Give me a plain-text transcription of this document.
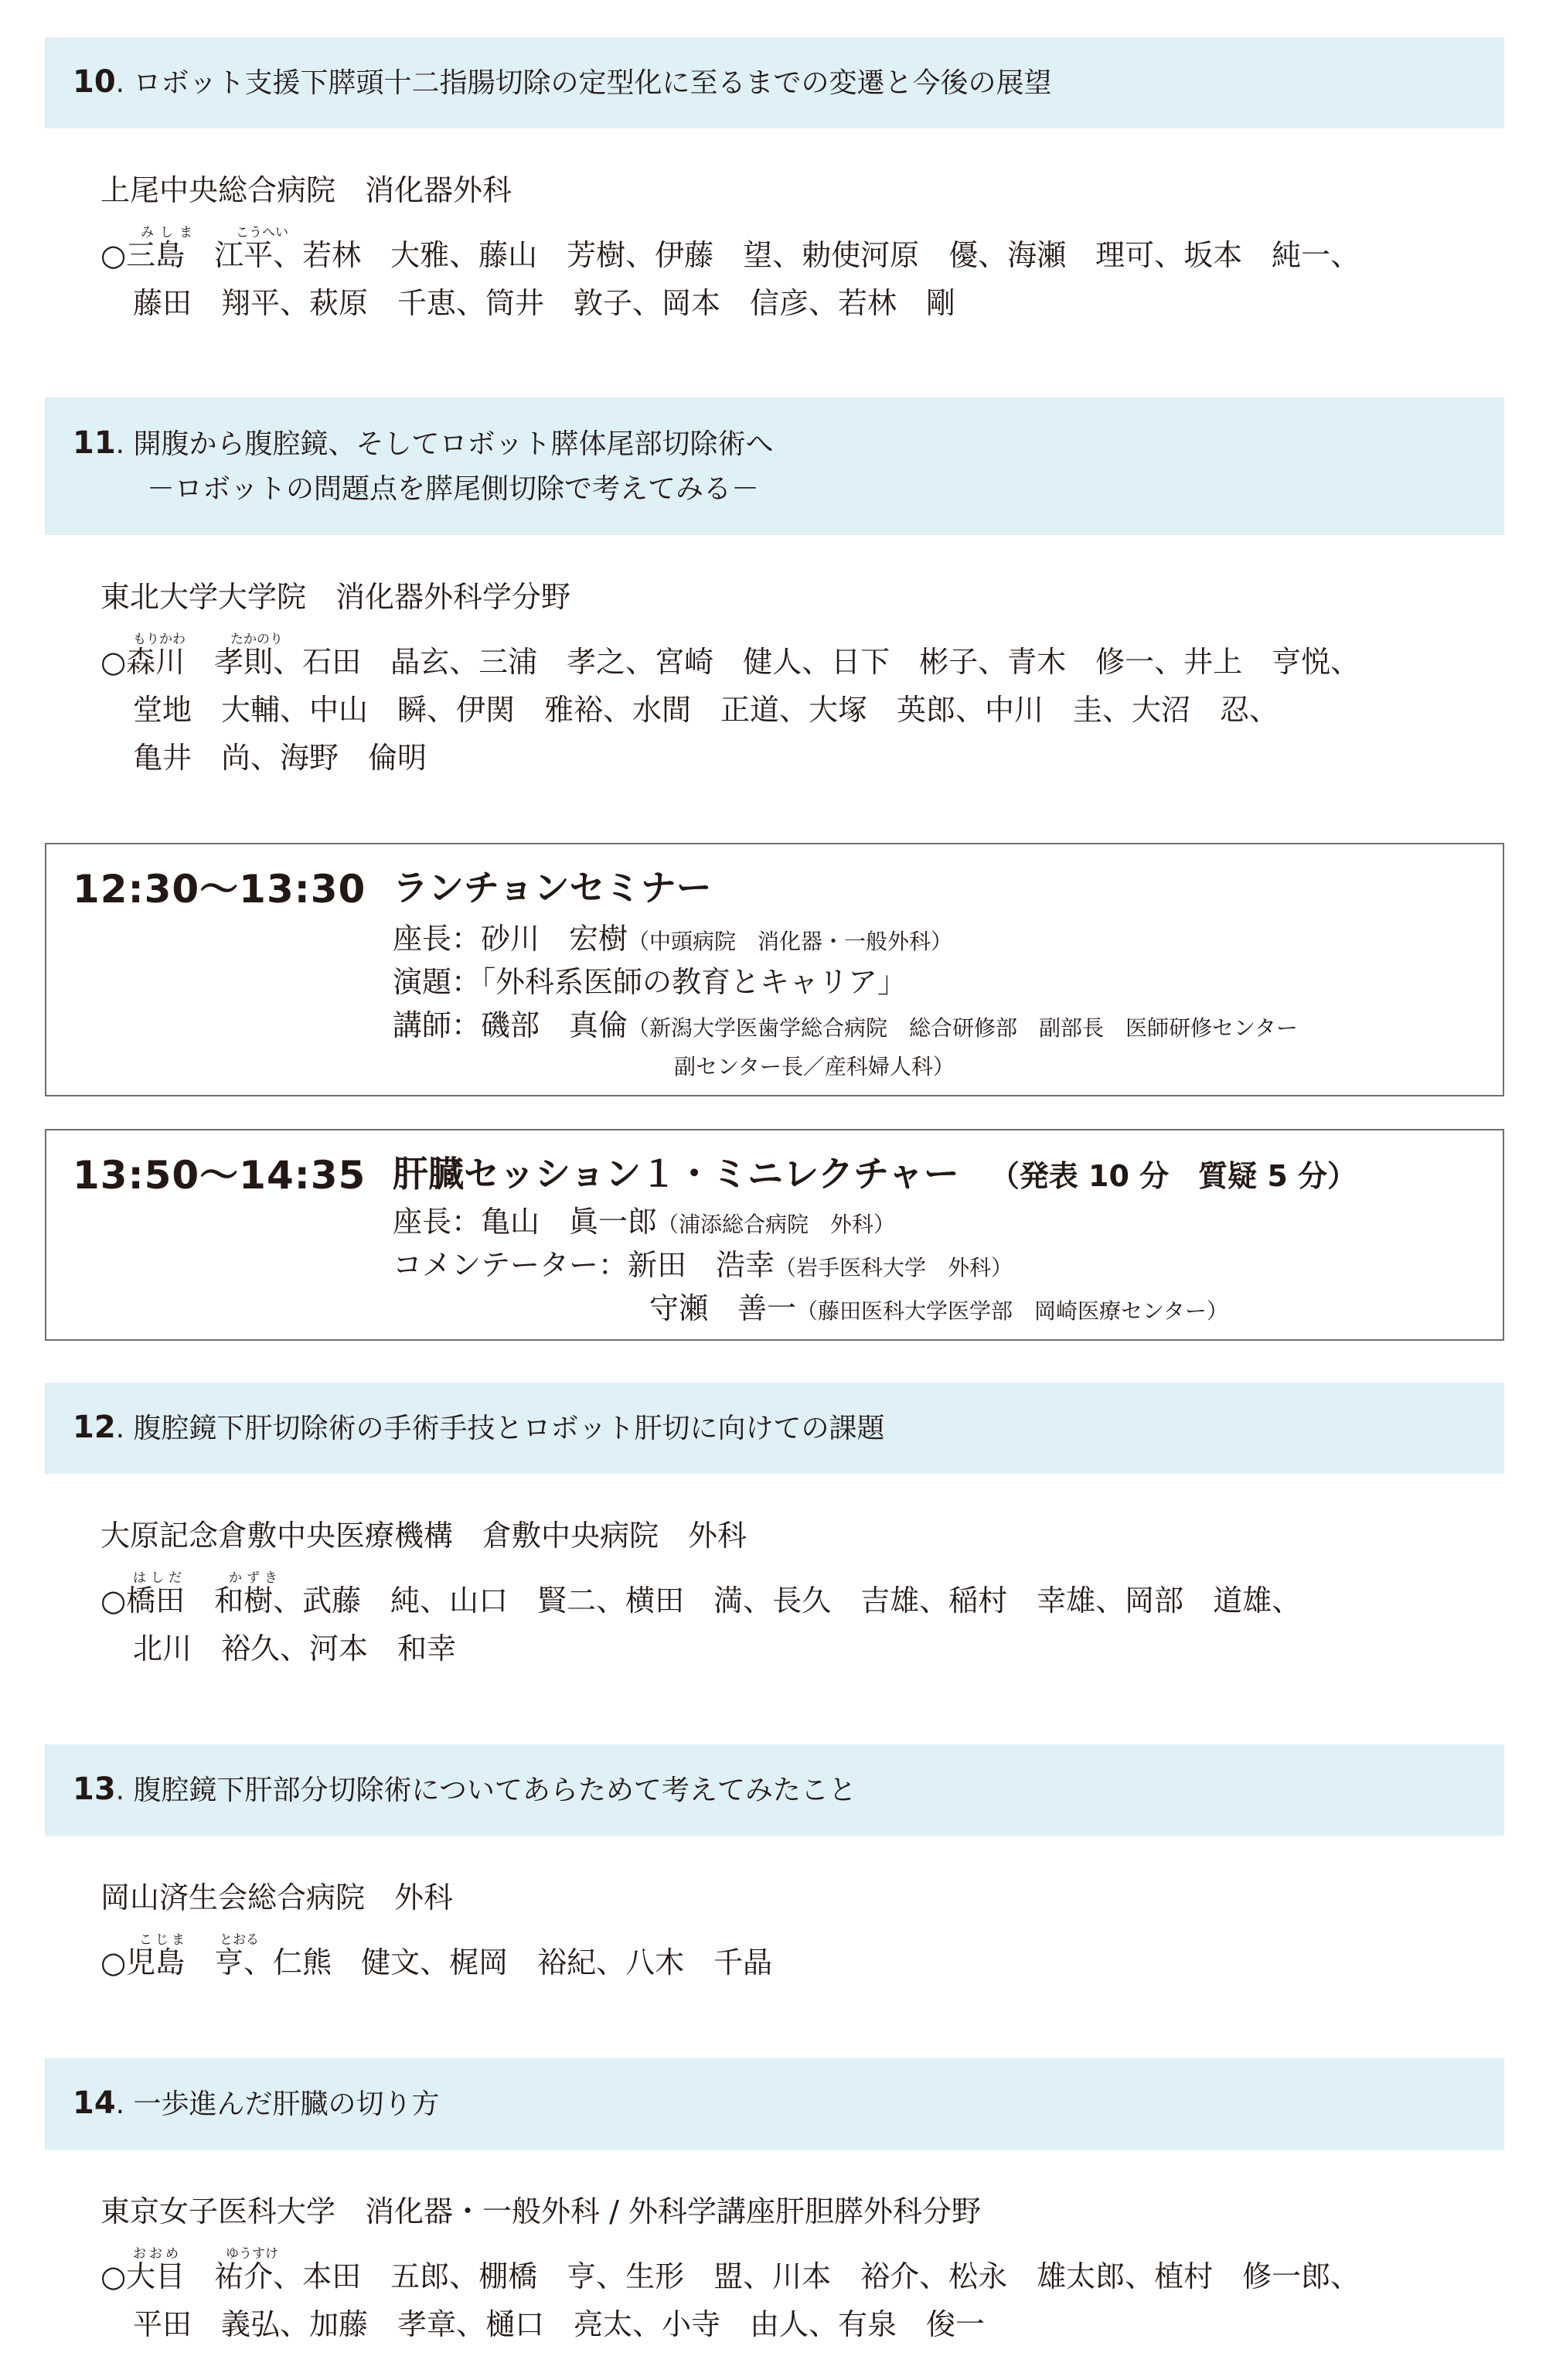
10. ロボット支援下膵頭十二指腸切除の定型化に至るまでの変遷と今後の展望
上尾中央総合病院　消化器外科
みしま	こうへい
○三島　江平、若林　大雅、藤山　芳樹、伊藤　望、勅使河原　優、海瀬　理可、坂本　純一、
藤田　翔平、萩原　千恵、筒井　敦子、岡本　信彦、若林　剛
11. 開腹から腹腔鏡、そしてロボット膵体尾部切除術へ
－ロボットの問題点を膵尾側切除で考えてみる－
東北大学大学院　消化器外科学分野
もりかわ	たかのり
○森川　孝則、石田　晶玄、三浦　孝之、宮崎　健人、日下　彬子、青木　修一、井上　亨悦、
堂地　大輔、中山　瞬、伊関　雅裕、水間　正道、大塚　英郎、中川　圭、大沼　忍、
亀井　尚、海野　倫明
12:30～13:30 ランチョンセミナー
座長：砂川　宏樹（中頭病院　消化器・一般外科）
演題：「外科系医師の教育とキャリア」
講師：磯部　真倫（新潟大学医歯学総合病院　総合研修部　副部長　医師研修センター
副センター長／産科婦人科）
13:50～14:35 肝臓セッション１・ミニレクチャー （発表 10 分　質疑 5 分）
座長：亀山　眞一郎（浦添総合病院　外科）
コメンテーター：新田　浩幸（岩手医科大学　外科）
守瀬　善一（藤田医科大学医学部　岡崎医療センター）
12. 腹腔鏡下肝切除術の手術手技とロボット肝切に向けての課題
大原記念倉敷中央医療機構　倉敷中央病院　外科
はしだ	かずき
○橋田　和樹、武藤　純、山口　賢二、横田　満、長久　吉雄、稲村　幸雄、岡部　道雄、
北川　裕久、河本　和幸
13. 腹腔鏡下肝部分切除術についてあらためて考えてみたこと
岡山済生会総合病院　外科
こじま とおる
○児島　亨、仁熊　健文、梶岡　裕紀、八木　千晶
14. 一歩進んだ肝臓の切り方
東京女子医科大学　消化器・一般外科 / 外科学講座肝胆膵外科分野
おおめ	ゆうすけ
○大目　祐介、本田　五郎、棚橋　亨、生形　盟、川本　裕介、松永　雄太郎、植村　修一郎、
平田　義弘、加藤　孝章、樋口　亮太、小寺　由人、有泉　俊一
